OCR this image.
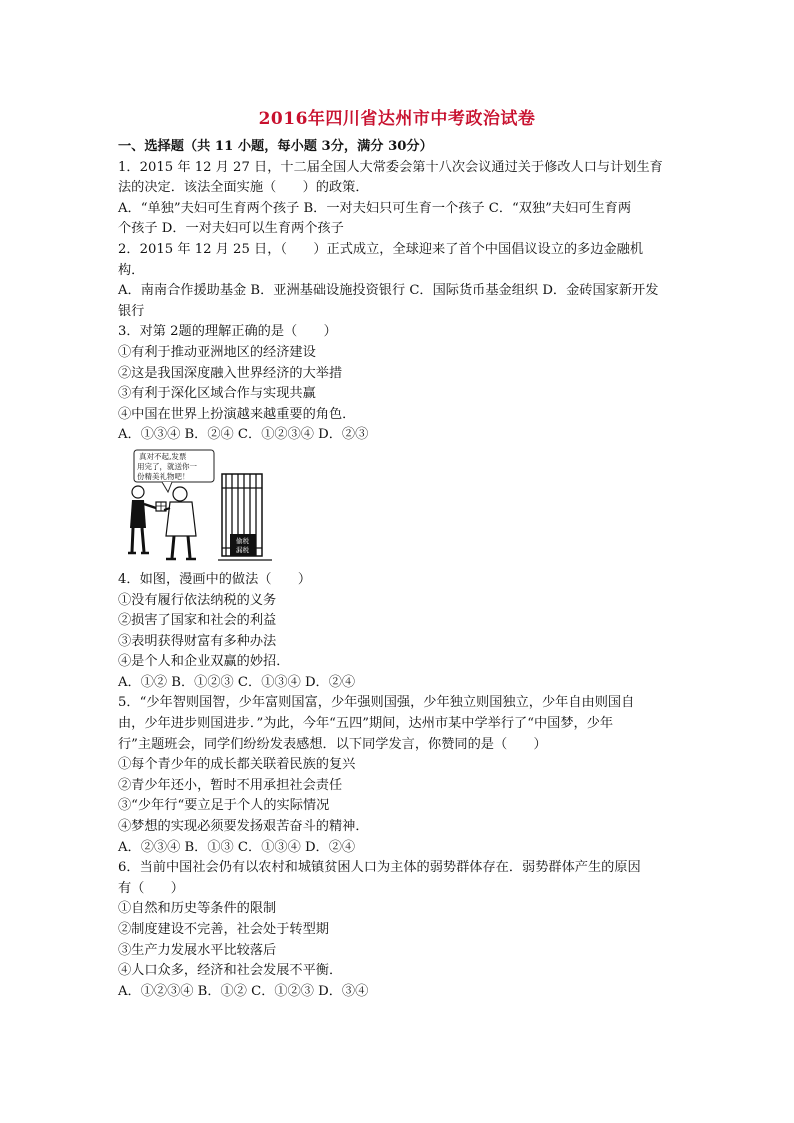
2016年四川省达州市中考政治试卷

一、选择题（共 11 小题，每小题 3分，满分 30分）

1．2015 年 12 月 27 日，十二届全国人大常委会第十八次会议通过关于修改人口与计划生育

法的决定．该法全面实施（　　）的政策．

A．“单独”夫妇可生育两个孩子 B．一对夫妇只可生育一个孩子 C．“双独”夫妇可生育两

个孩子 D．一对夫妇可以生育两个孩子

2．2015 年 12 月 25 日，（　　）正式成立，全球迎来了首个中国倡议设立的多边金融机

构．

A．南南合作援助基金 B．亚洲基础设施投资银行 C．国际货币基金组织 D．金砖国家新开发

银行

3．对第 2题的理解正确的是（　　）

①有利于推动亚洲地区的经济建设

②这是我国深度融入世界经济的大举措

③有利于深化区域合作与实现共赢

④中国在世界上扮演越来越重要的角色．

A．①③④ B．②④ C．①②③④ D．②③

真对不起,发票
用完了，就送你一
份精美礼物吧！
偷税
漏税

4．如图，漫画中的做法（　　）

①没有履行依法纳税的义务

②损害了国家和社会的利益

③表明获得财富有多种办法

④是个人和企业双赢的妙招．

A．①② B．①②③ C．①③④ D．②④

5．“少年智则国智，少年富则国富，少年强则国强，少年独立则国独立，少年自由则国自

由，少年进步则国进步．”为此，今年“五四”期间，达州市某中学举行了“中国梦，少年

行”主题班会，同学们纷纷发表感想．以下同学发言，你赞同的是（　　）

①每个青少年的成长都关联着民族的复兴

②青少年还小，暂时不用承担社会责任

③“少年行“要立足于个人的实际情况

④梦想的实现必须要发扬艰苦奋斗的精神．

A．②③④ B．①③ C．①③④ D．②④

6．当前中国社会仍有以农村和城镇贫困人口为主体的弱势群体存在．弱势群体产生的原因

有（　　）

①自然和历史等条件的限制

②制度建设不完善，社会处于转型期

③生产力发展水平比较落后

④人口众多，经济和社会发展不平衡．

A．①②③④ B．①② C．①②③ D．③④
